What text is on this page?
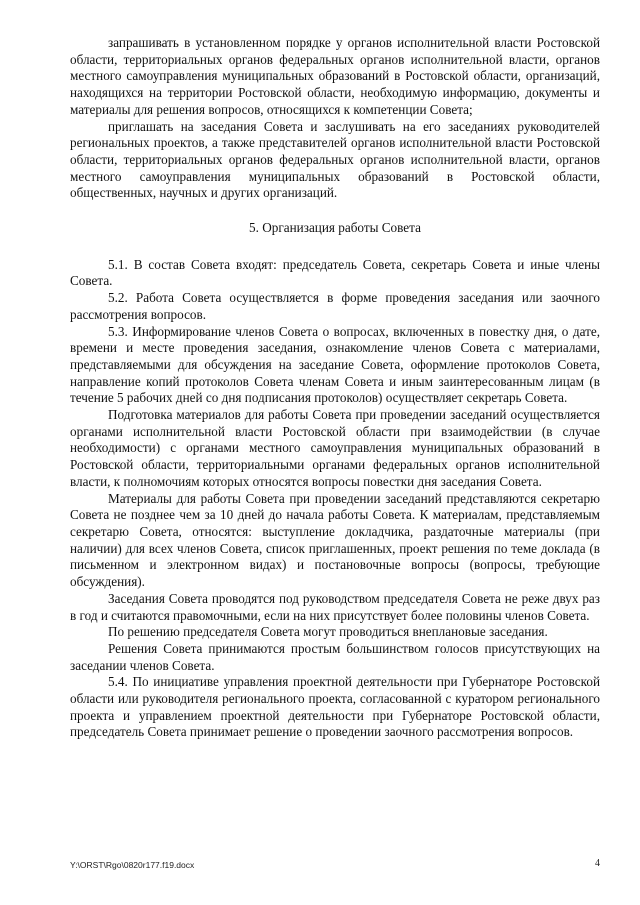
запрашивать в установленном порядке у органов исполнительной власти Ростовской области, территориальных органов федеральных органов исполнительной власти, органов местного самоуправления муниципальных образований в Ростовской области, организаций, находящихся на территории Ростовской области, необходимую информацию, документы и материалы для решения вопросов, относящихся к компетенции Совета;

приглашать на заседания Совета и заслушивать на его заседаниях руководителей региональных проектов, а также представителей органов исполнительной власти Ростовской области, территориальных органов федеральных органов исполнительной власти, органов местного самоуправления муниципальных образований в Ростовской области, общественных, научных и других организаций.

5. Организация работы Совета

5.1. В состав Совета входят: председатель Совета, секретарь Совета и иные члены Совета.

5.2. Работа Совета осуществляется в форме проведения заседания или заочного рассмотрения вопросов.

5.3. Информирование членов Совета о вопросах, включенных в повестку дня, о дате, времени и месте проведения заседания, ознакомление членов Совета с материалами, представляемыми для обсуждения на заседание Совета, оформление протоколов Совета, направление копий протоколов Совета членам Совета и иным заинтересованным лицам (в течение 5 рабочих дней со дня подписания протоколов) осуществляет секретарь Совета.

Подготовка материалов для работы Совета при проведении заседаний осуществляется органами исполнительной власти Ростовской области при взаимодействии (в случае необходимости) с органами местного самоуправления муниципальных образований в Ростовской области, территориальными органами федеральных органов исполнительной власти, к полномочиям которых относятся вопросы повестки дня заседания Совета.

Материалы для работы Совета при проведении заседаний представляются секретарю Совета не позднее чем за 10 дней до начала работы Совета. К материалам, представляемым секретарю Совета, относятся: выступление докладчика, раздаточные материалы (при наличии) для всех членов Совета, список приглашенных, проект решения по теме доклада (в письменном и электронном видах) и постановочные вопросы (вопросы, требующие обсуждения).

Заседания Совета проводятся под руководством председателя Совета не реже двух раз в год и считаются правомочными, если на них присутствует более половины членов Совета.

По решению председателя Совета могут проводиться внеплановые заседания.

Решения Совета принимаются простым большинством голосов присутствующих на заседании членов Совета.

5.4. По инициативе управления проектной деятельности при Губернаторе Ростовской области или руководителя регионального проекта, согласованной с куратором регионального проекта и управлением проектной деятельности при Губернаторе Ростовской области, председатель Совета принимает решение о проведении заочного рассмотрения вопросов.

Y:\ORST\Rgo\0820r177.f19.docx	4
